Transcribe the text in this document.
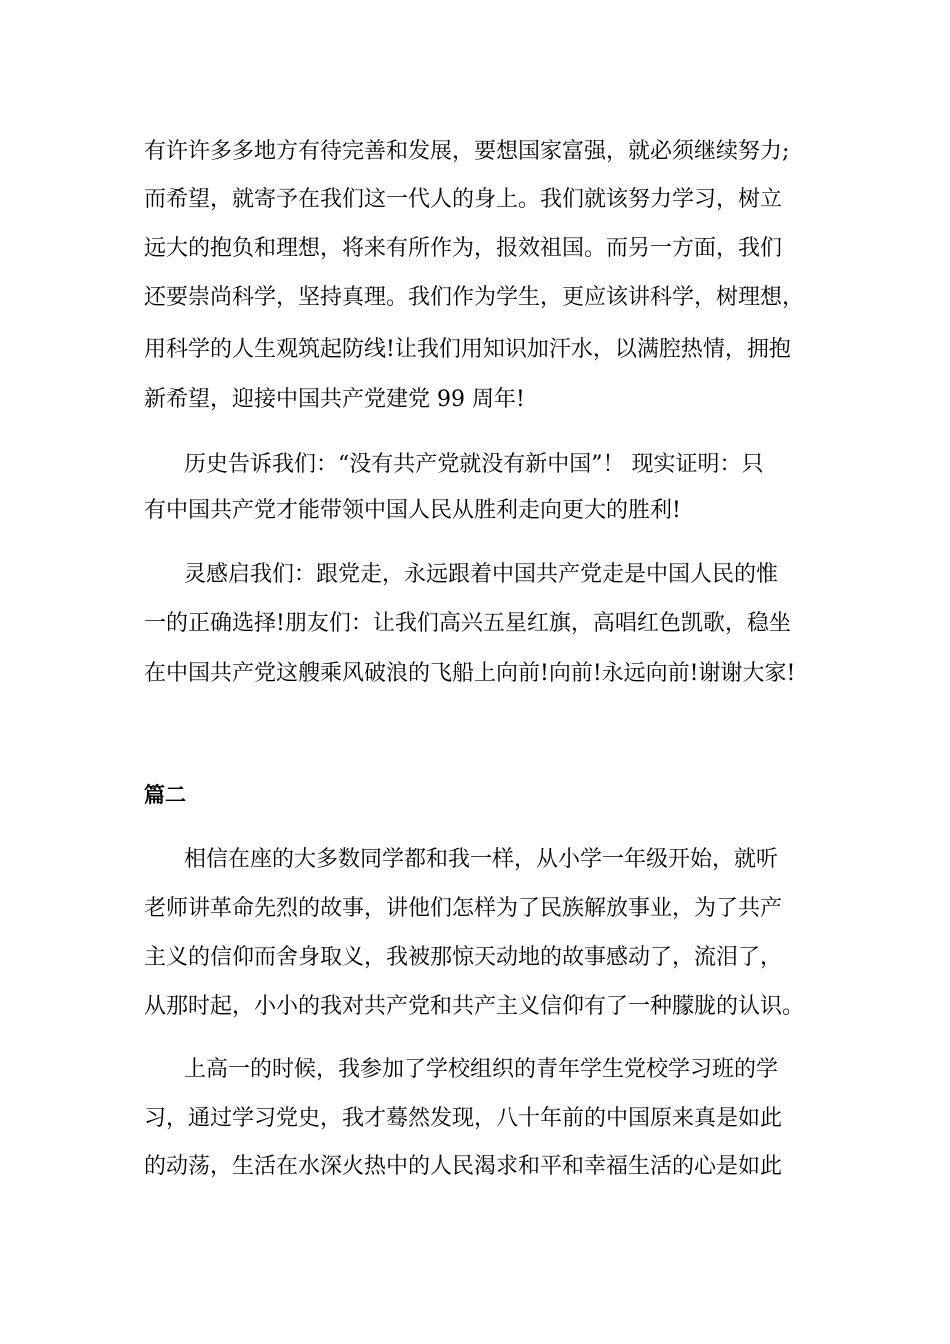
有许许多多地方有待完善和发展，要想国家富强，就必须继续努力;
而希望，就寄予在我们这一代人的身上。我们就该努力学习，树立
远大的抱负和理想，将来有所作为，报效祖国。而另一方面，我们
还要崇尚科学，坚持真理。我们作为学生，更应该讲科学，树理想，
用科学的人生观筑起防线!让我们用知识加汗水，以满腔热情，拥抱
新希望，迎接中国共产党建党 99 周年!
历史告诉我们：“没有共产党就没有新中国”！ 现实证明：只
有中国共产党才能带领中国人民从胜利走向更大的胜利!
灵感启我们：跟党走，永远跟着中国共产党走是中国人民的惟
一的正确选择!朋友们：让我们高兴五星红旗，高唱红色凯歌，稳坐
在中国共产党这艘乘风破浪的飞船上向前!向前!永远向前!谢谢大家!
篇二
相信在座的大多数同学都和我一样，从小学一年级开始，就听
老师讲革命先烈的故事，讲他们怎样为了民族解放事业，为了共产
主义的信仰而舍身取义，我被那惊天动地的故事感动了，流泪了，
从那时起，小小的我对共产党和共产主义信仰有了一种朦胧的认识。
上高一的时候，我参加了学校组织的青年学生党校学习班的学
习，通过学习党史，我才蓦然发现，八十年前的中国原来真是如此
的动荡，生活在水深火热中的人民渴求和平和幸福生活的心是如此
